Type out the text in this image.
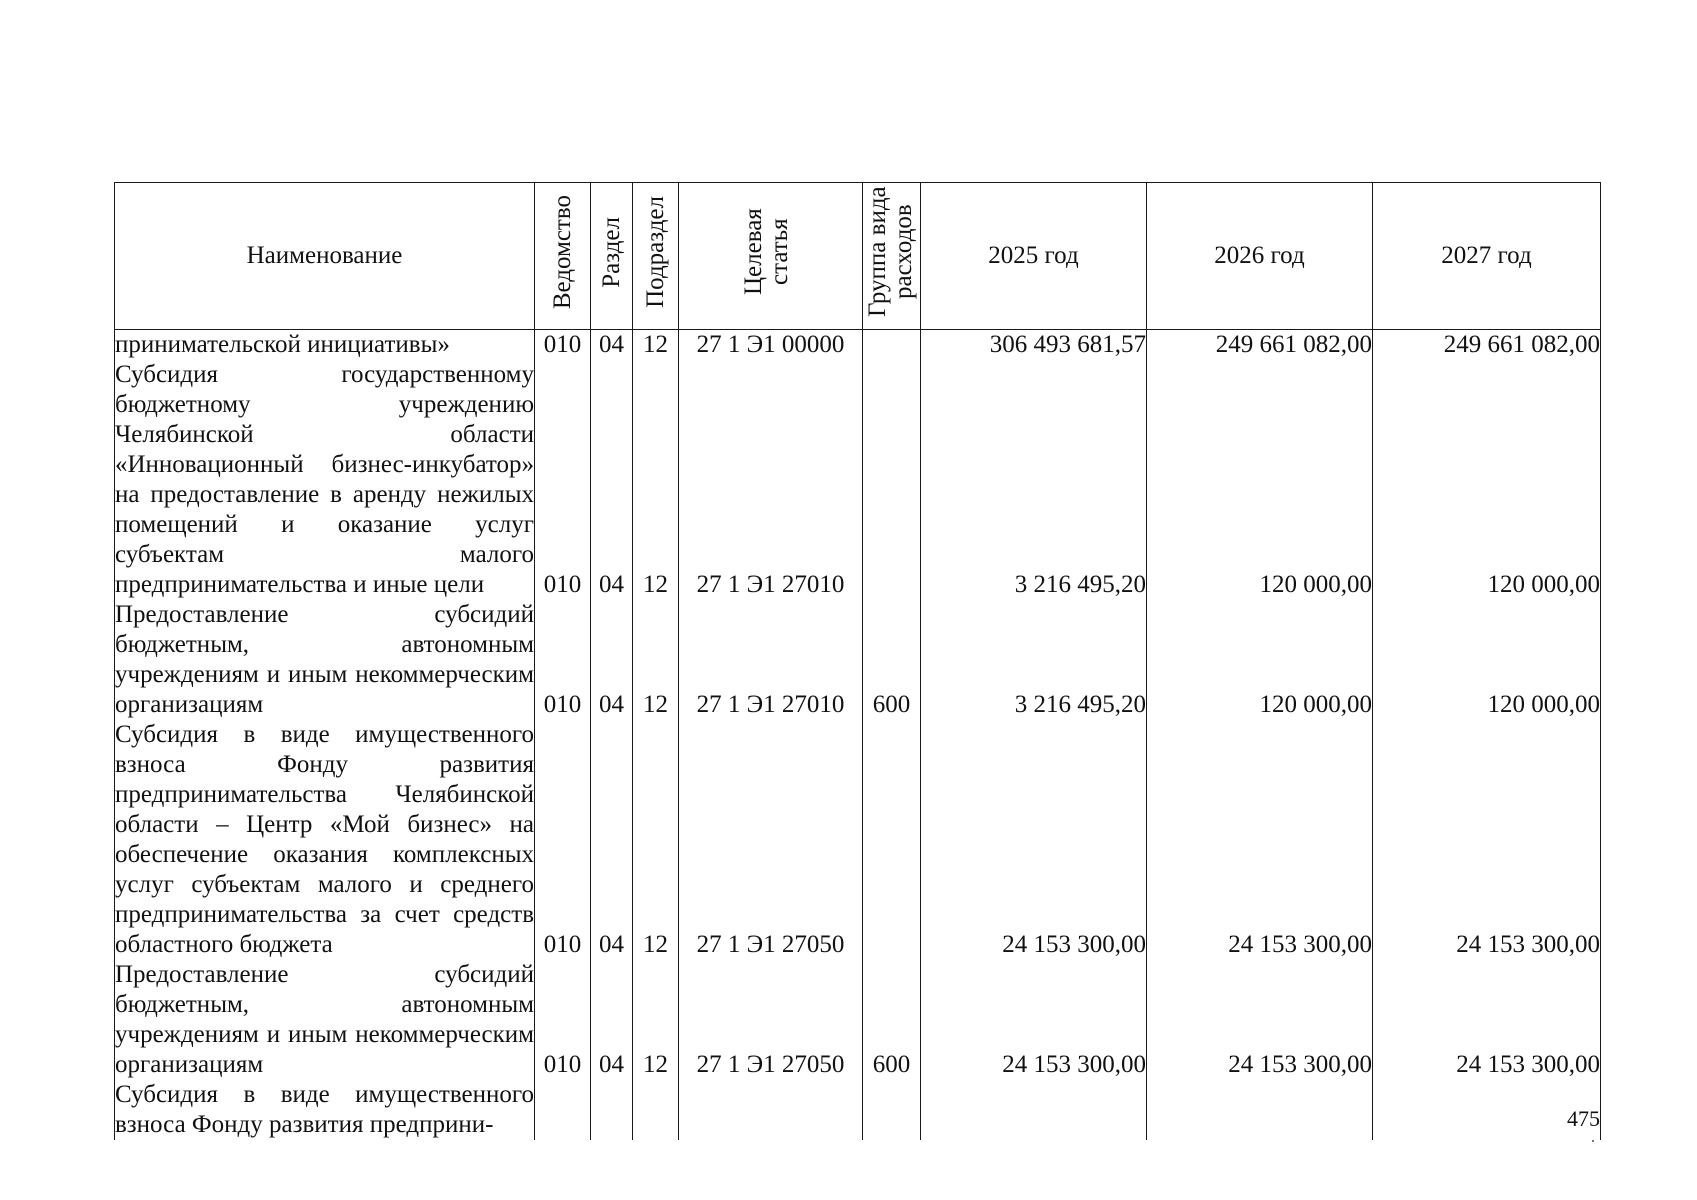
Наименование	Ведомство	Раздел	Подраздел	Целевая статья	Группа вида расходов	2025 год	2026 год	2027 год

принимательской инициативы»	010	04	12	27 1 Э1 00000		306 493 681,57	249 661 082,00	249 661 082,00

Субсидия государственному бюджетному учреждению Челябинской области «Инновационный бизнес-инкубатор» на предоставление в аренду нежилых помещений и оказание услуг субъектам малого предпринимательства и иные цели	010	04	12	27 1 Э1 27010		3 216 495,20	120 000,00	120 000,00

Предоставление субсидий бюджетным, автономным учреждениям и иным некоммерческим организациям	010	04	12	27 1 Э1 27010	600	3 216 495,20	120 000,00	120 000,00

Субсидия в виде имущественного взноса Фонду развития предпринимательства Челябинской области – Центр «Мой бизнес» на обеспечение оказания комплексных услуг субъектам малого и среднего предпринимательства за счет средств областного бюджета	010	04	12	27 1 Э1 27050		24 153 300,00	24 153 300,00	24 153 300,00

Предоставление субсидий бюджетным, автономным учреждениям и иным некоммерческим организациям	010	04	12	27 1 Э1 27050	600	24 153 300,00	24 153 300,00	24 153 300,00

Субсидия в виде имущественного взноса Фонду развития предприни-								
									475
